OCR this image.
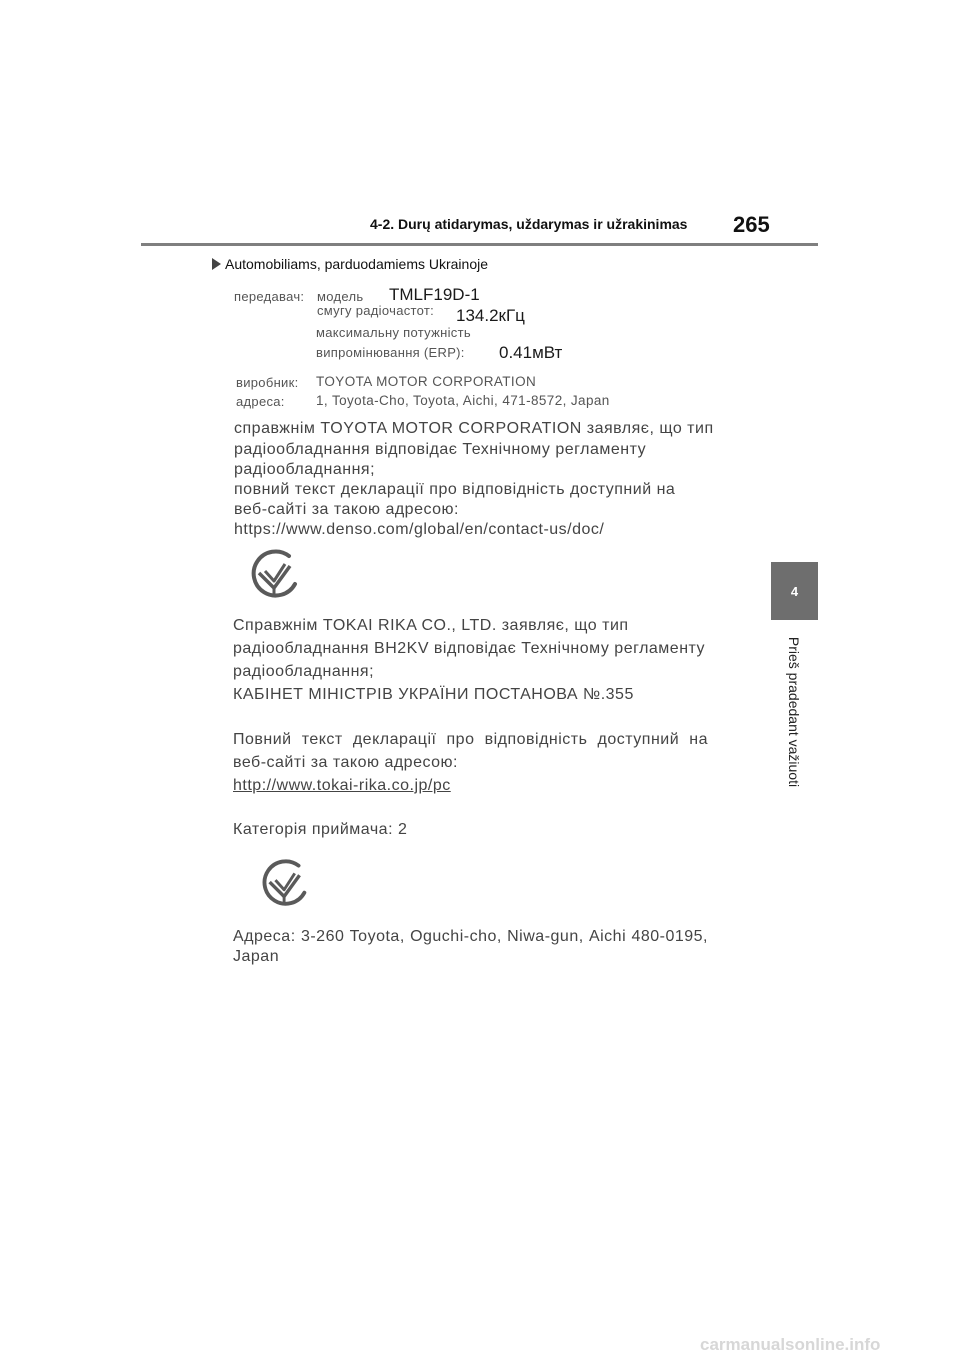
4-2. Durų atidarymas, uždarymas ir užrakinimas 265
Automobiliams, parduodamiems Ukrainoje
4
Prieš pradedant važiuoti
передавач: модель TMLF19D-1
смугу радіочастот: 134.2кГц
максимальну потужність
випромінювання (ERP): 0.41мВт
виробник: TOYOTA MOTOR CORPORATION
адреса: 1, Toyota-Cho, Toyota, Aichi, 471-8572, Japan
справжнім TOYOTA MOTOR CORPORATION заявляє, що тип
радіообладнання відповідає Технічному регламенту
радіообладнання;
повний текст декларації про відповідність доступний на
веб-сайті за такою адресою:
https://www.denso.com/global/en/contact-us/doc/
Справжнім TOKAI RIKA CO., LTD. заявляє, що тип
радіообладнання BH2KV відповідає Технічному регламенту
радіообладнання;
КАБІНЕТ МІНІСТРІВ УКРАЇНИ ПОСТАНОВА №.355
Повний текст декларації про відповідність доступний на
веб-сайті за такою адресою:
http://www.tokai-rika.co.jp/pc
Категорія приймача: 2
Адреса: 3-260 Toyota, Oguchi-cho, Niwa-gun, Aichi 480-0195,
Japan
carmanualsonline.info
